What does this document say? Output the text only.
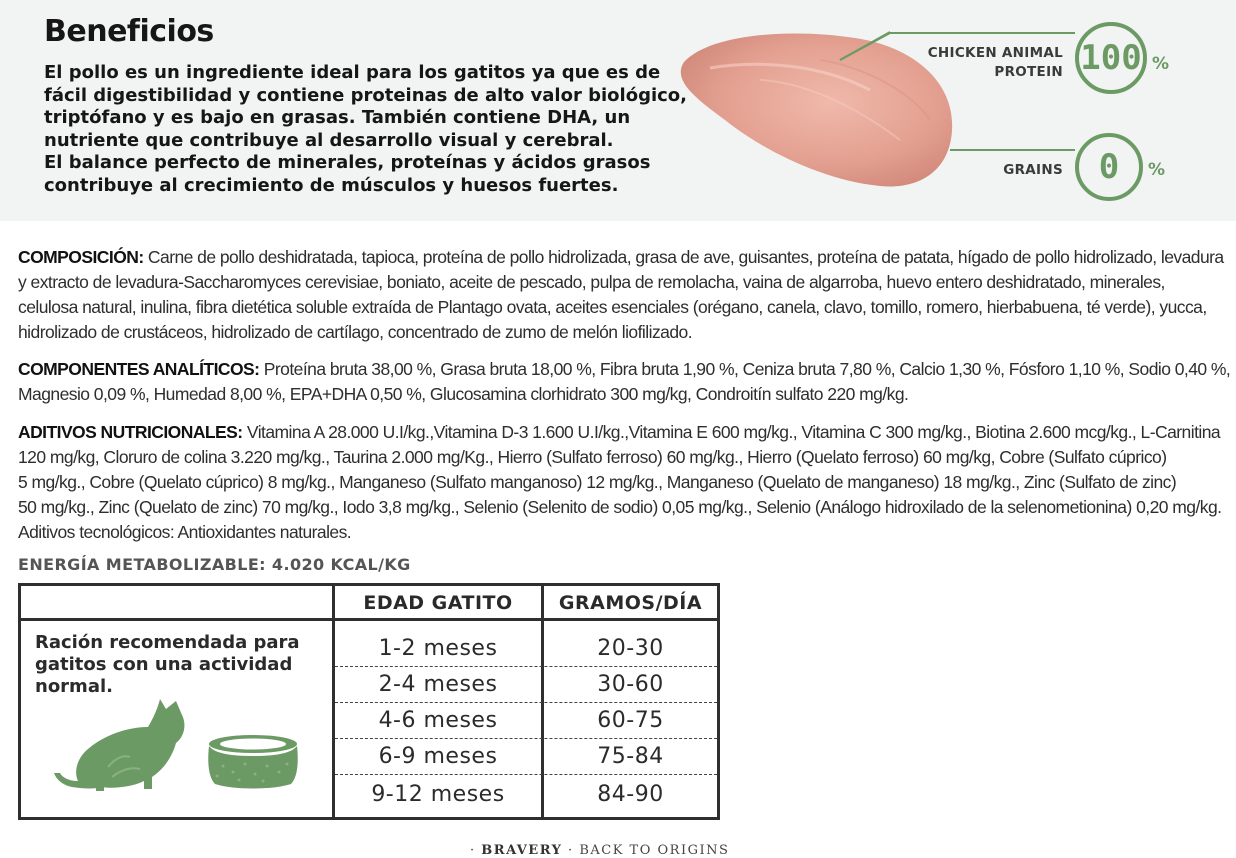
Beneficios
El pollo es un ingrediente ideal para los gatitos ya que es de
fácil digestibilidad y contiene proteinas de alto valor biológico,
triptófano y es bajo en grasas. También contiene DHA, un
nutriente que contribuye al desarrollo visual y cerebral.
El balance perfecto de minerales, proteínas y ácidos grasos
contribuye al crecimiento de músculos y huesos fuertes.
CHICKEN ANIMAL
PROTEIN 100 %
GRAINS 0 %
COMPOSICIÓN: Carne de pollo deshidratada, tapioca, proteína de pollo hidrolizada, grasa de ave, guisantes, proteína de patata, hígado de pollo hidrolizado, levadura
y extracto de levadura-Saccharomyces cerevisiae, boniato, aceite de pescado, pulpa de remolacha, vaina de algarroba, huevo entero deshidratado, minerales,
celulosa natural, inulina, fibra dietética soluble extraída de Plantago ovata, aceites esenciales (orégano, canela, clavo, tomillo, romero, hierbabuena, té verde), yucca,
hidrolizado de crustáceos, hidrolizado de cartílago, concentrado de zumo de melón liofilizado.
COMPONENTES ANALÍTICOS: Proteína bruta 38,00 %, Grasa bruta 18,00 %, Fibra bruta 1,90 %, Ceniza bruta 7,80 %, Calcio 1,30 %, Fósforo 1,10 %, Sodio 0,40 %,
Magnesio 0,09 %, Humedad 8,00 %, EPA+DHA 0,50 %, Glucosamina clorhidrato 300 mg/kg, Condroitín sulfato 220 mg/kg.
ADITIVOS NUTRICIONALES: Vitamina A 28.000 U.I/kg.,Vitamina D-3 1.600 U.I/kg.,Vitamina E 600 mg/kg., Vitamina C 300 mg/kg., Biotina 2.600 mcg/kg., L-Carnitina
120 mg/kg, Cloruro de colina 3.220 mg/kg., Taurina 2.000 mg/Kg., Hierro (Sulfato ferroso) 60 mg/kg., Hierro (Quelato ferroso) 60 mg/kg, Cobre (Sulfato cúprico)
5 mg/kg., Cobre (Quelato cúprico) 8 mg/kg., Manganeso (Sulfato manganoso) 12 mg/kg., Manganeso (Quelato de manganeso) 18 mg/kg., Zinc (Sulfato de zinc)
50 mg/kg., Zinc (Quelato de zinc) 70 mg/kg., Iodo 3,8 mg/kg., Selenio (Selenito de sodio) 0,05 mg/kg., Selenio (Análogo hidroxilado de la selenometionina) 0,20 mg/kg.
Aditivos tecnológicos: Antioxidantes naturales.
ENERGÍA METABOLIZABLE: 4.020 KCAL/KG
EDAD GATITO	GRAMOS/DÍA
Ración recomendada para
gatitos con una actividad
normal.
1-2 meses	20-30
2-4 meses	30-60
4-6 meses	60-75
6-9 meses	75-84
9-12 meses	84-90
· BRAVERY · BACK TO ORIGINS
